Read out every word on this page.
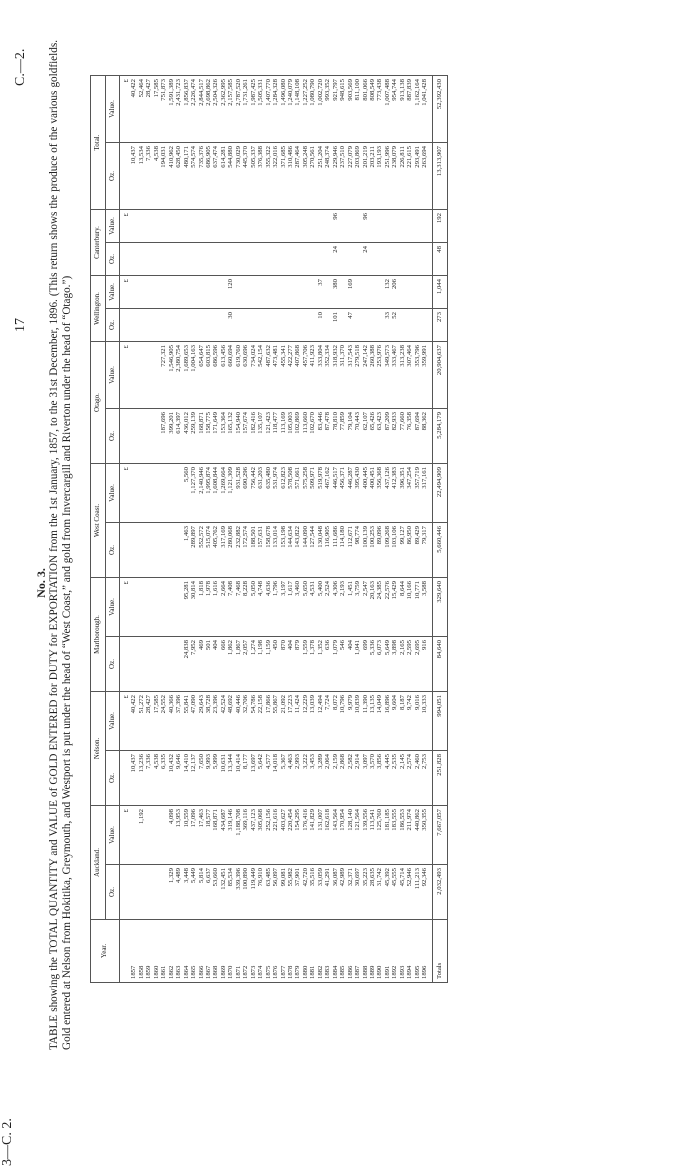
17
C.—2.
3—C. 2.
No. 3. TABLE showing the TOTAL QUANTITY and VALUE of GOLD ENTERED for DUTY for EXPORTATION from the 1st January, 1857, to the 31st December, 1896. (This return shows the produce of the various goldfields. Gold entered at Nelson from Hokitika, Greymouth, and Westport is put under the head of “West Coast,” and gold from Invercargill and Riverton under the head of “Otago.”)	Year.	Auckland.		Nelson.		Marlborough.		West Coast.		Otago.		Wellington.		Canterbury.		Total.	
	Oz.	Value.	Oz.	Value.	Oz.	Value.	Oz.	Value.	Oz.	Value.	Oz.	Value.	Oz.	Value.	Oz.	Value.
		£		£		£		£		£		£		£		£
1857			10,437	40,422											10,437	40,422
1858		1,192	13,236	51,272											13,534	52,464
1859			7,336	28,427											7,336	28,427
1860			4,538	17,585											4,538	17,585
1861			6,335	24,552					187,696	727,321					194,031	751,873
1862	1,329	4,098	10,432	40,366					399,201	1,546,905					410,962	1,591,389
1863	4,489	13,953	9,646	37,396					614,397	2,380,754					628,450	2,431,723
1864	3,448	10,559	14,410	55,841	24,838	95,281	1,463	5,560	436,012	1,689,653					480,171	1,856,837
1865	5,449	17,096	12,137	47,090	7,952	30,814	289,897	1,127,370	259,139	1,004,163					574,574	2,226,474
1866	5,814	17,463	7,650	29,643	469	1,818	552,572	2,140,946	168,871	654,647					735,376	2,844,517
1867	6,637	18,577	9,993	38,728	501	1,978	515,074	1,995,874	158,775	603,815					686,905	2,698,862
1868	53,660	168,871	5,999	23,396	404	1,616	405,762	1,608,844	171,649	686,596					637,474	2,504,326
1869	132,451	434,687	10,631	42,524	666	2,664	317,169	1,269,664	153,364	613,456					614,281	2,362,995
1870	85,534	319,146	13,344	48,692	1,862	7,408	280,068	1,121,309	165,132	660,694	30	120			544,880	2,157,585
1871	339,396	1,188,708	10,414	40,446	1,867	7,468	232,882	931,528	154,940	619,760					730,029	2,787,520
1872	100,890	369,116	8,177	32,706	2,057	8,228	172,574	690,296	157,674	630,696					445,370	1,731,261
1873	119,449	437,123	13,697	54,786	1,274	5,050	188,501	756,442	182,416	734,024					505,337	1,987,425
1874	76,910	305,068	5,642	22,158	1,198	4,748	157,631	631,203	135,107	542,154					376,388	1,505,331
1875	63,485	252,156	4,577	17,866	1,159	4,636	158,678	635,480	121,423	487,632					355,322	1,407,770
1876	56,097	221,616	14,018	55,867	450	1,796	133,014	531,974	118,477	473,481					322,016	1,284,328
1877	99,081	403,627	5,367	21,092	870	3,197	153,198	612,823	113,169	455,341					371,685	1,496,080
1878	55,982	220,454	4,463	17,223	404	1,617	144,634	578,508	105,003	422,277					310,486	1,240,079
1879	37,901	154,295	2,993	11,424	879	3,460	143,822	571,661	102,869	407,868					287,464	1,148,108
1880	42,720	176,416	3,222	12,229	1,559	5,650	144,090	575,258	113,660	457,706					305,248	1,227,252
1881	35,516	141,829	3,453	13,039	1,378	4,531	127,544	509,971	102,670	411,923					270,561	1,080,790
1882	33,059	131,007	3,289	12,494	1,352	5,400	130,048	519,978	83,446	333,804	10	37			251,204	1,002,720
1883	41,291	162,618	2,064	7,724	636	2,524	116,905	467,162	87,478	352,334					248,374	993,352
1884	36,087	143,564	2,159	8,072	1,079	4,306	111,686	446,517	78,810	318,932	101	380	24	96	229,946	921,797
1885	42,989	170,954	2,868	10,796	546	2,193	114,180	456,371	77,859	311,370					237,510	948,615
1886	32,371	128,140	2,582	9,979	404	1,451	112,671	446,287	79,104	317,543	47	169			227,079	903,569
1887	30,697	121,564	2,914	10,839	1,041	3,759	98,774	395,430	70,443	279,518					203,869	811,100
1888	35,223	139,556	3,097	11,390	699	2,547	100,139	400,445	62,107	247,142			24	96	201,219	801,066
1889	28,635	113,541	3,570	13,135	5,336	20,163	100,253	400,451	65,426	260,388					203,211	808,549
1890	31,742	125,760	3,856	14,049	6,073	24,385	89,096	356,368	63,423	253,976					193,193	773,438
1891	45,392	181,185	4,445	16,896	5,649	22,576	109,268	437,126	87,209	349,573	33	132			251,996	1,007,488
1892	45,555	183,555	2,535	9,604	3,898	15,429	103,106	412,383	82,933	333,467	52	206			238,079	954,744
1893	45,714	186,553	2,145	8,187	2,165	8,644	99,127	396,351	77,660	313,238					226,811	913,138
1894	52,946	211,974	2,574	9,742	2,595	10,166	86,950	347,254	76,358	307,464					221,615	887,839
1895	111,213	440,862	2,460	9,016	2,695	10,771	89,429	357,719	87,694	353,796					293,491	1,162,164
1896	92,346	350,355	2,753	10,333	916	3,588	79,317	317,161	88,362	359,991					263,694	1,041,428
Totals	2,032,493	7,667,057	251,828	994,051	84,640	329,640	5,660,446	22,494,909	5,284,179	20,904,637	273	1,044	48	192	13,313,907	52,392,430
